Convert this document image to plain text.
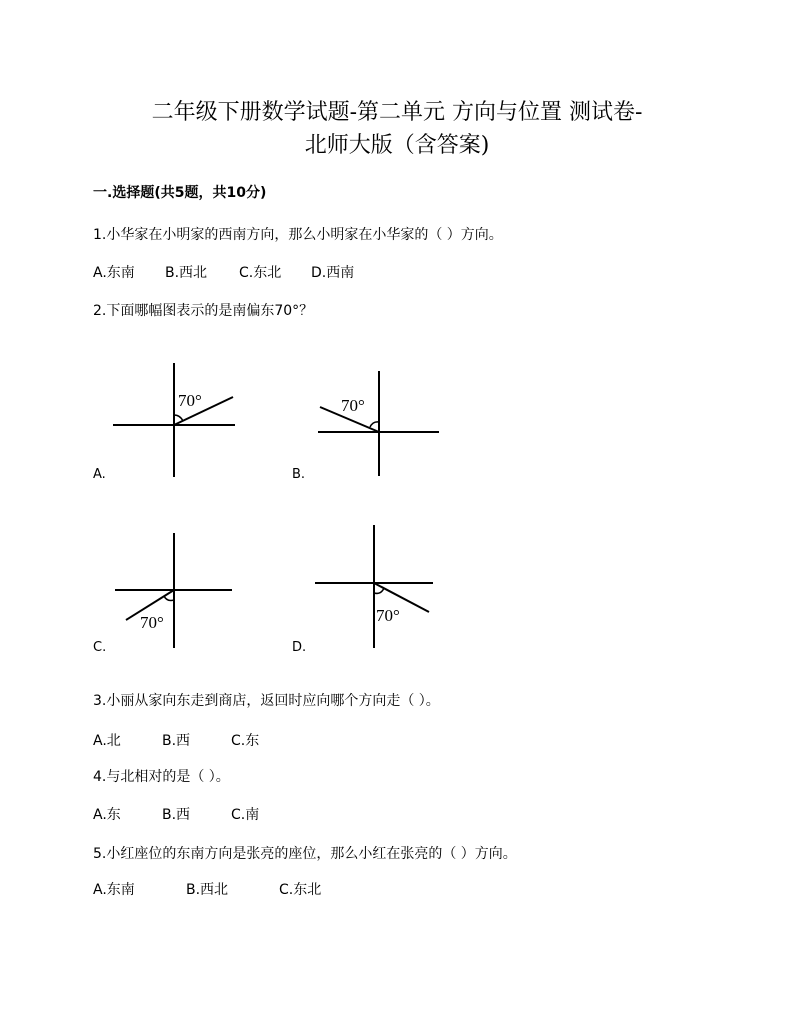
二年级下册数学试题-第二单元 方向与位置 测试卷-
北师大版（含答案)
一.选择题(共5题，共10分)
1.小华家在小明家的西南方向，那么小明家在小华家的（ ）方向。
A.东南 B.西北 C.东北 D.西南
2.下面哪幅图表示的是南偏东70°？
70°
A.
70°
B.
70°
C.
70°
D.
3.小丽从家向东走到商店，返回时应向哪个方向走（ ）。
A.北	B.西	C.东
4.与北相对的是（ ）。
A.东	B.西	C.南
5.小红座位的东南方向是张亮的座位，那么小红在张亮的（ ）方向。
A.东南	B.西北	C.东北
